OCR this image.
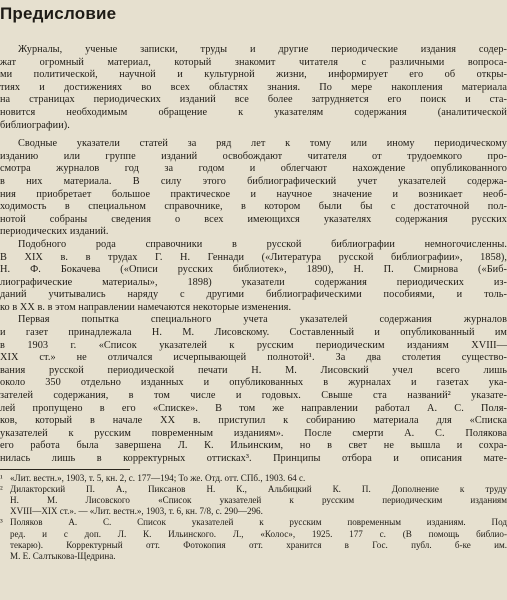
Предисловие

Журналы, ученые записки, труды и другие периодические издания содер-

жат огромный материал, который знакомит читателя с различными вопроса-

ми политической, научной и культурной жизни, информирует его об откры-

тиях и достижениях во всех областях знания. По мере накопления материала

на страницах периодических изданий все более затрудняется его поиск и ста-

новится необходимым обращение к указателям содержания (аналитической

библиографии).

Сводные указатели статей за ряд лет к тому или иному периодическому

изданию или группе изданий освобождают читателя от трудоемкого про-

смотра журналов год за годом и облегчают нахождение опубликованного

в них материала. В силу этого библиографический учет указателей содержа-

ния приобретает большое практическое и научное значение и возникает необ-

ходимость в специальном справочнике, в котором были бы с достаточной пол-

нотой собраны сведения о всех имеющихся указателях содержания русских

периодических изданий.

Подобного рода справочники в русской библиографии немногочисленны.

В XIX в. в трудах Г. Н. Геннади («Литература русской библиографии», 1858),

Н. Ф. Бокачева («Описи русских библиотек», 1890), Н. П. Смирнова («Биб-

лиографические материалы», 1898) указатели содержания периодических из-

даний учитывались наряду с другими библиографическими пособиями, и толь-

ко в XX в. в этом направлении намечаются некоторые изменения.

Первая попытка специального учета указателей содержания журналов

и газет принадлежала Н. М. Лисовскому. Составленный и опубликованный им

в 1903 г. «Список указателей к русским периодическим изданиям XVIII—

XIX ст.» не отличался исчерпывающей полнотой¹. За два столетия существо-

вания русской периодической печати Н. М. Лисовский учел всего лишь

около 350 отдельно изданных и опубликованных в журналах и газетах ука-

зателей содержания, в том числе и годовых. Свыше ста названий² указате-

лей пропущено в его «Списке». В том же направлении работал А. С. Поля-

ков, который в начале XX в. приступил к собиранию материала для «Списка

указателей к русским повременным изданиям». После смерти А. С. Полякова

его работа была завершена Л. К. Ильинским, но в свет не вышла и сохра-

нилась лишь в корректурных оттисках³. Принципы отбора и описания мате-

¹ «Лит. вестн.», 1903, т. 5, кн. 2, с. 177—194; То же. Отд. отт. СПб., 1903. 64 с.

² Дилакторский П. А., Пиксанов Н. К., Альбицкий К. П. Дополнение к труду

Н. М. Лисовского «Список указателей к русским периодическим изданиям

XVIII—XIX ст.». — «Лит. вестн.», 1903, т. 6, кн. 7/8, с. 290—296.

³ Поляков А. С. Список указателей к русским повременным изданиям. Под

ред. и с доп. Л. К. Ильинского. Л., «Колос», 1925. 177 с. (В помощь библио-

текарю). Корректурный отт. Фотокопия отт. хранится в Гос. публ. б-ке им.

М. Е. Салтыкова-Щедрина.
